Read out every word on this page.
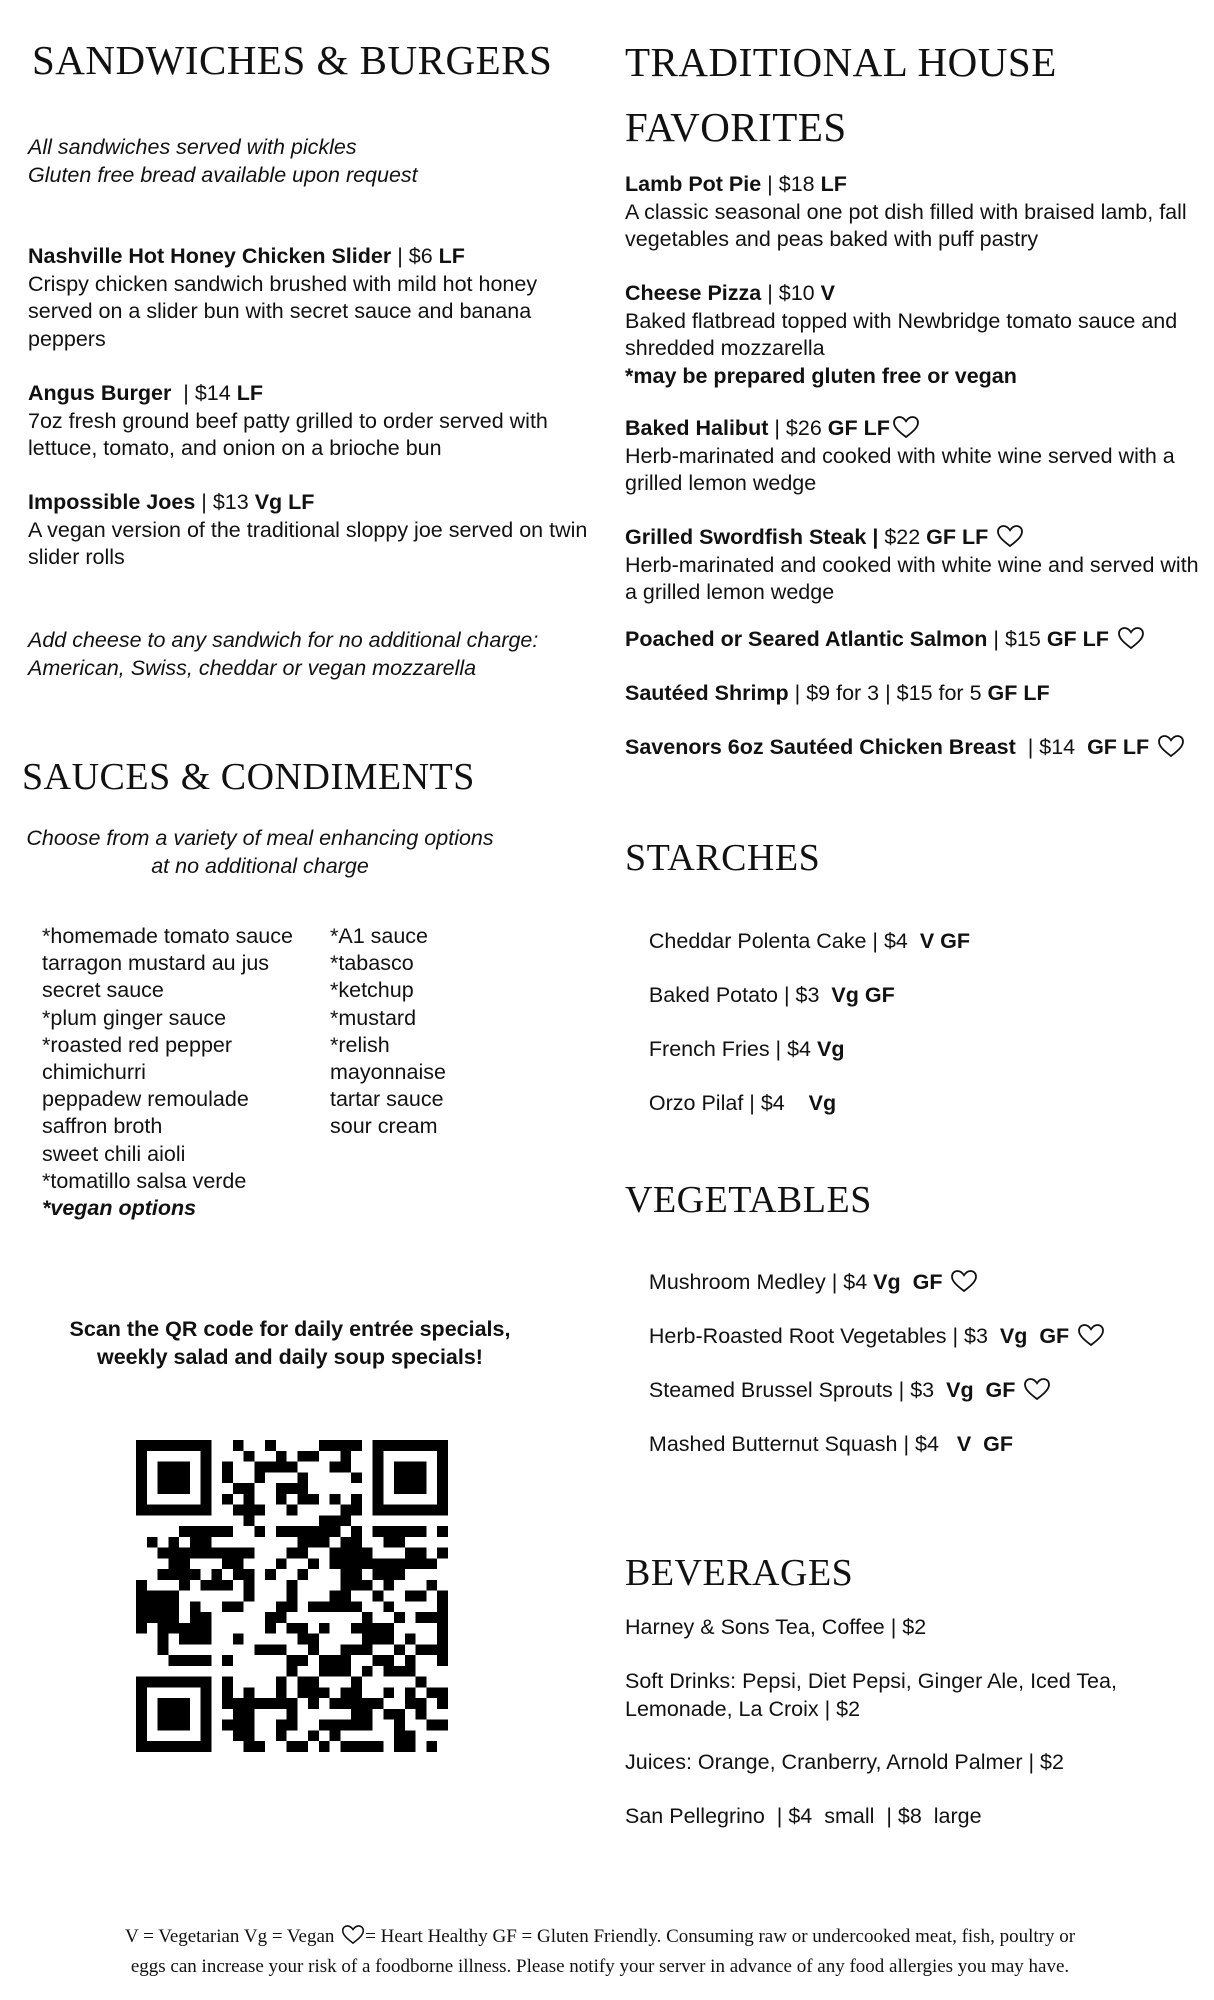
SANDWICHES & BURGERS
All sandwiches served with pickles
Gluten free bread available upon request
Nashville Hot Honey Chicken Slider | $6 LF
Crispy chicken sandwich brushed with mild hot honey served on a slider bun with secret sauce and banana peppers
Angus Burger  | $14 LF
7oz fresh ground beef patty grilled to order served with lettuce, tomato, and onion on a brioche bun
Impossible Joes | $13 Vg LF
A vegan version of the traditional sloppy joe served on twin slider rolls
Add cheese to any sandwich for no additional charge:
American, Swiss, cheddar or vegan mozzarella
SAUCES & CONDIMENTS
Choose from a variety of meal enhancing options
at no additional charge
*homemade tomato sauce
tarragon mustard au jus
secret sauce
*plum ginger sauce
*roasted red pepper
chimichurri
peppadew remoulade
saffron broth
sweet chili aioli
*tomatillo salsa verde
*vegan options
*A1 sauce
*tabasco
*ketchup
*mustard
*relish
mayonnaise
tartar sauce
sour cream
Scan the QR code for daily entrée specials,
weekly salad and daily soup specials!
TRADITIONAL HOUSE
FAVORITES
Lamb Pot Pie | $18 LF
A classic seasonal one pot dish filled with braised lamb, fall vegetables and peas baked with puff pastry
Cheese Pizza | $10 V
Baked flatbread topped with Newbridge tomato sauce and shredded mozzarella
*may be prepared gluten free or vegan
Baked Halibut | $26 GF LF
Herb-marinated and cooked with white wine served with a grilled lemon wedge
Grilled Swordfish Steak | $22 GF LF
Herb-marinated and cooked with white wine and served with a grilled lemon wedge
Poached or Seared Atlantic Salmon | $15 GF LF
Sautéed Shrimp | $9 for 3 | $15 for 5 GF LF
Savenors 6oz Sautéed Chicken Breast  | $14  GF LF
STARCHES

Cheddar Polenta Cake | $4  V GF

Baked Potato | $3  Vg GF

French Fries | $4 Vg

Orzo Pilaf | $4    Vg

VEGETABLES

Mushroom Medley | $4 Vg  GF

Herb-Roasted Root Vegetables | $3  Vg  GF

Steamed Brussel Sprouts | $3  Vg  GF

Mashed Butternut Squash | $4   V  GF

BEVERAGES
Harney & Sons Tea, Coffee | $2
Soft Drinks: Pepsi, Diet Pepsi, Ginger Ale, Iced Tea, Lemonade, La Croix | $2
Juices: Orange, Cranberry, Arnold Palmer | $2
San Pellegrino  | $4  small  | $8  large
V = Vegetarian Vg = Vegan
= Heart Healthy GF = Gluten Friendly. Consuming raw or undercooked meat, fish, poultry or
eggs can increase your risk of a foodborne illness. Please notify your server in advance of any food allergies you may have.
